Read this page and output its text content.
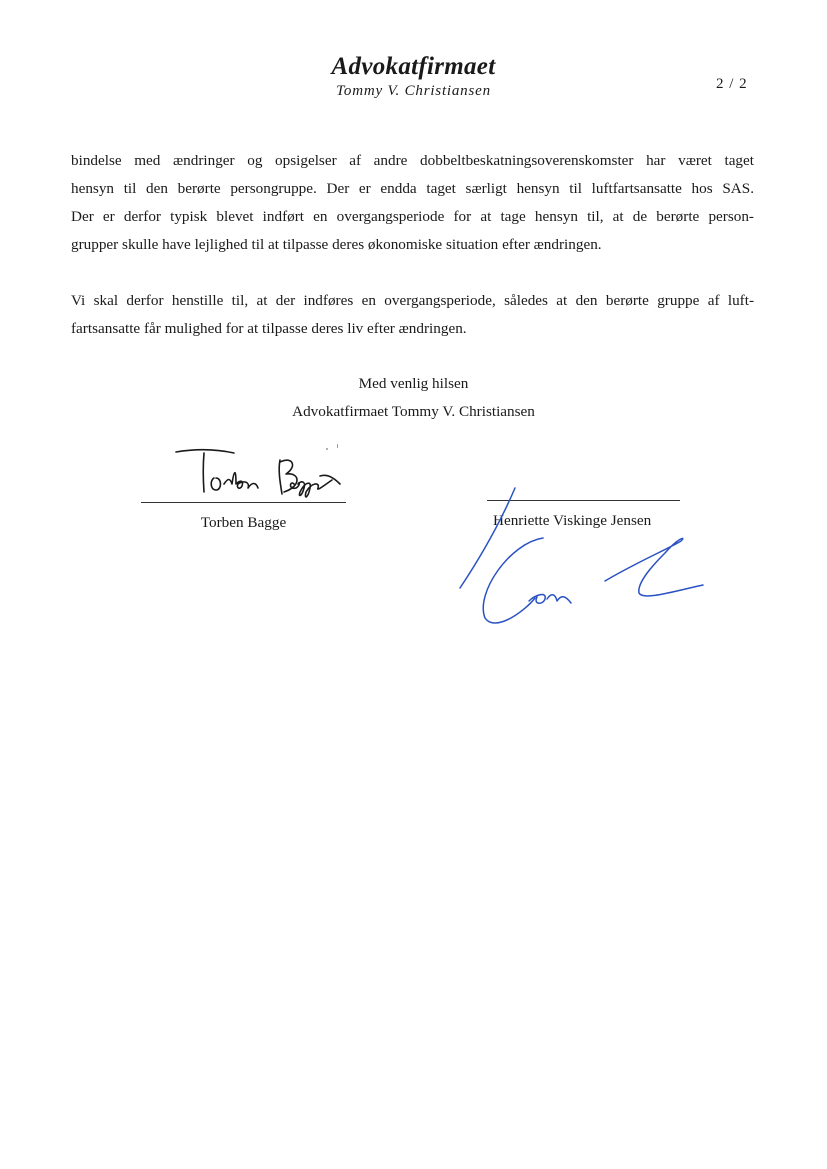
Advokatfirmaet
Tommy V. Christiansen	2 / 2

bindelse med ændringer og opsigelser af andre dobbeltbeskatningsoverenskomster har været taget
hensyn til den berørte persongruppe. Der er endda taget særligt hensyn til luftfartsansatte hos SAS.
Der er derfor typisk blevet indført en overgangsperiode for at tage hensyn til, at de berørte person-
grupper skulle have lejlighed til at tilpasse deres økonomiske situation efter ændringen.

Vi skal derfor henstille til, at der indføres en overgangsperiode, således at den berørte gruppe af luft-
fartsansatte får mulighed for at tilpasse deres liv efter ændringen.

Med venlig hilsen
Advokatfirmaet Tommy V. Christiansen
Torben Bagge	Henriette Viskinge Jensen
